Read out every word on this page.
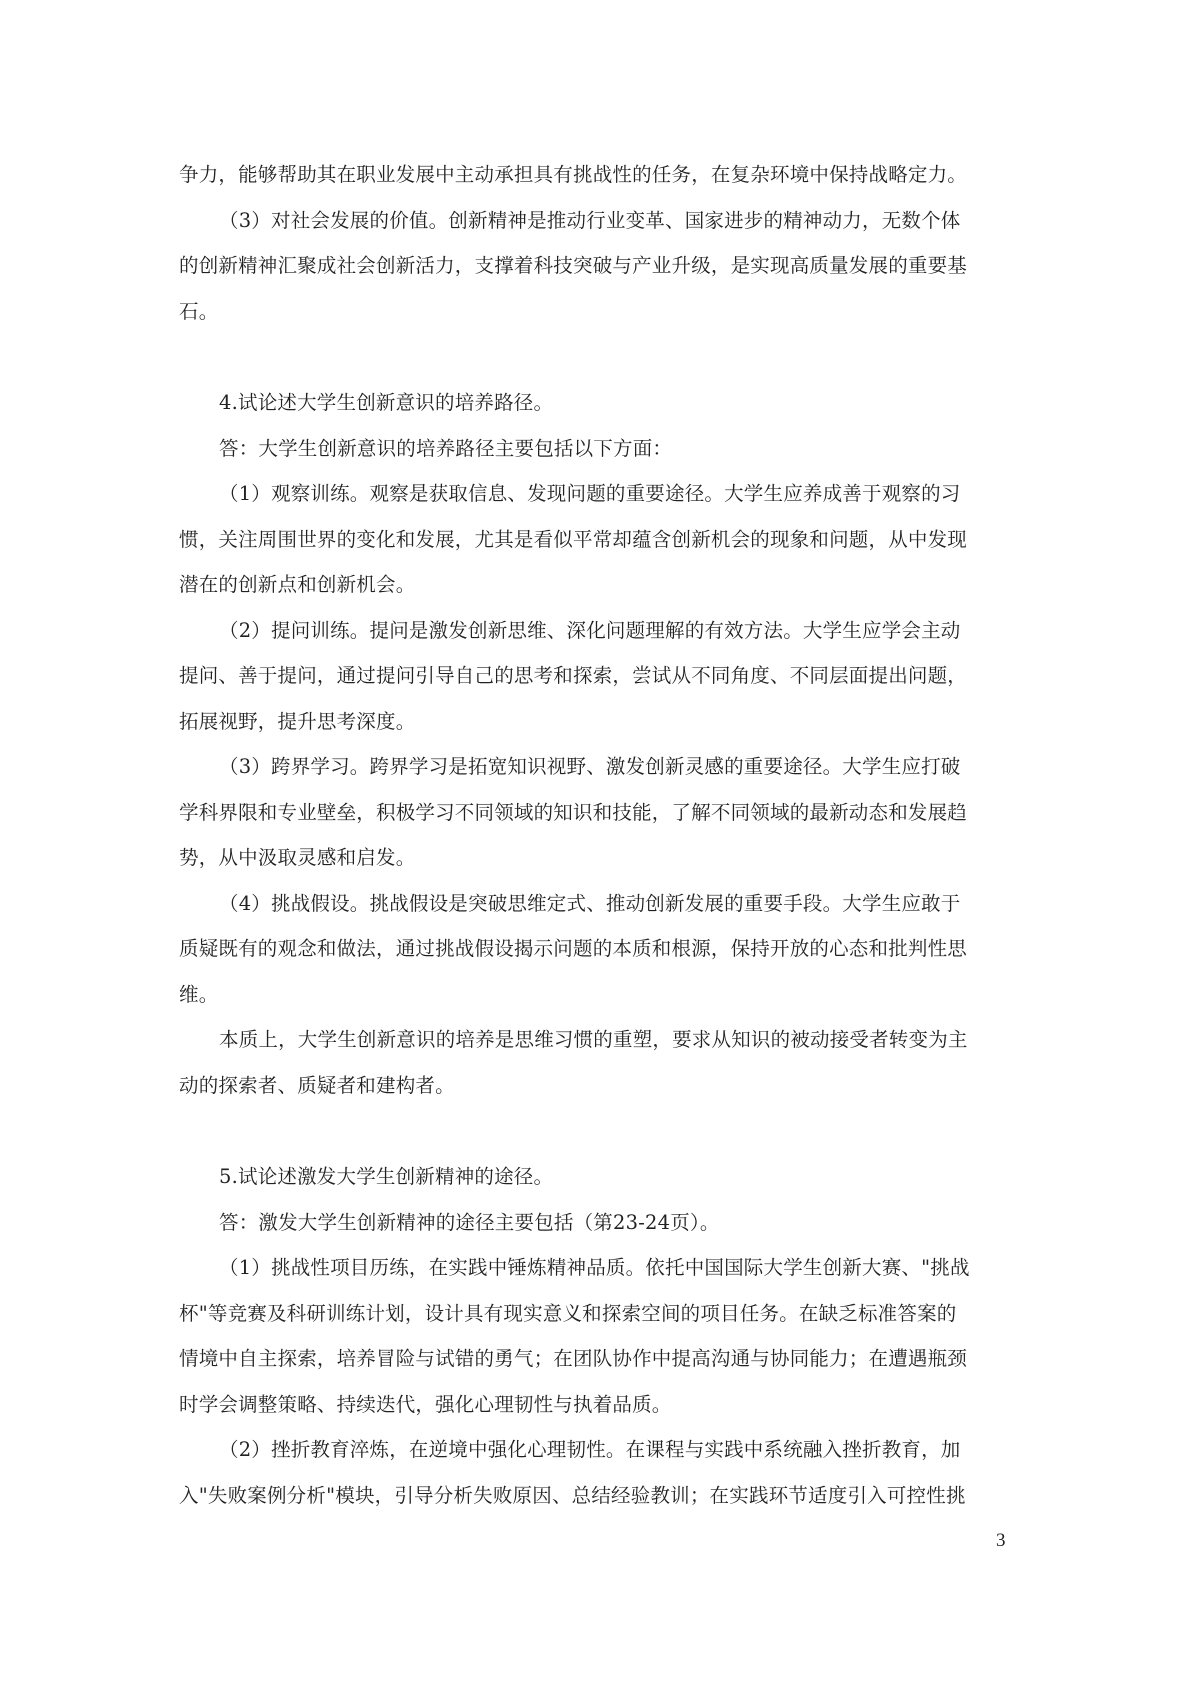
争力，能够帮助其在职业发展中主动承担具有挑战性的任务，在复杂环境中保持战略定力。
（3）对社会发展的价值。创新精神是推动行业变革、国家进步的精神动力，无数个体
的创新精神汇聚成社会创新活力，支撑着科技突破与产业升级，是实现高质量发展的重要基
石。
4.试论述大学生创新意识的培养路径。
答：大学生创新意识的培养路径主要包括以下方面：
（1）观察训练。观察是获取信息、发现问题的重要途径。大学生应养成善于观察的习
惯，关注周围世界的变化和发展，尤其是看似平常却蕴含创新机会的现象和问题，从中发现
潜在的创新点和创新机会。
（2）提问训练。提问是激发创新思维、深化问题理解的有效方法。大学生应学会主动
提问、善于提问，通过提问引导自己的思考和探索，尝试从不同角度、不同层面提出问题，
拓展视野，提升思考深度。
（3）跨界学习。跨界学习是拓宽知识视野、激发创新灵感的重要途径。大学生应打破
学科界限和专业壁垒，积极学习不同领域的知识和技能，了解不同领域的最新动态和发展趋
势，从中汲取灵感和启发。
（4）挑战假设。挑战假设是突破思维定式、推动创新发展的重要手段。大学生应敢于
质疑既有的观念和做法，通过挑战假设揭示问题的本质和根源，保持开放的心态和批判性思
维。
本质上，大学生创新意识的培养是思维习惯的重塑，要求从知识的被动接受者转变为主
动的探索者、质疑者和建构者。
5.试论述激发大学生创新精神的途径。
答：激发大学生创新精神的途径主要包括（第23-24页）。
（1）挑战性项目历练，在实践中锤炼精神品质。依托中国国际大学生创新大赛、"挑战
杯"等竞赛及科研训练计划，设计具有现实意义和探索空间的项目任务。在缺乏标准答案的
情境中自主探索，培养冒险与试错的勇气；在团队协作中提高沟通与协同能力；在遭遇瓶颈
时学会调整策略、持续迭代，强化心理韧性与执着品质。
（2）挫折教育淬炼，在逆境中强化心理韧性。在课程与实践中系统融入挫折教育，加
入"失败案例分析"模块，引导分析失败原因、总结经验教训；在实践环节适度引入可控性挑
3
